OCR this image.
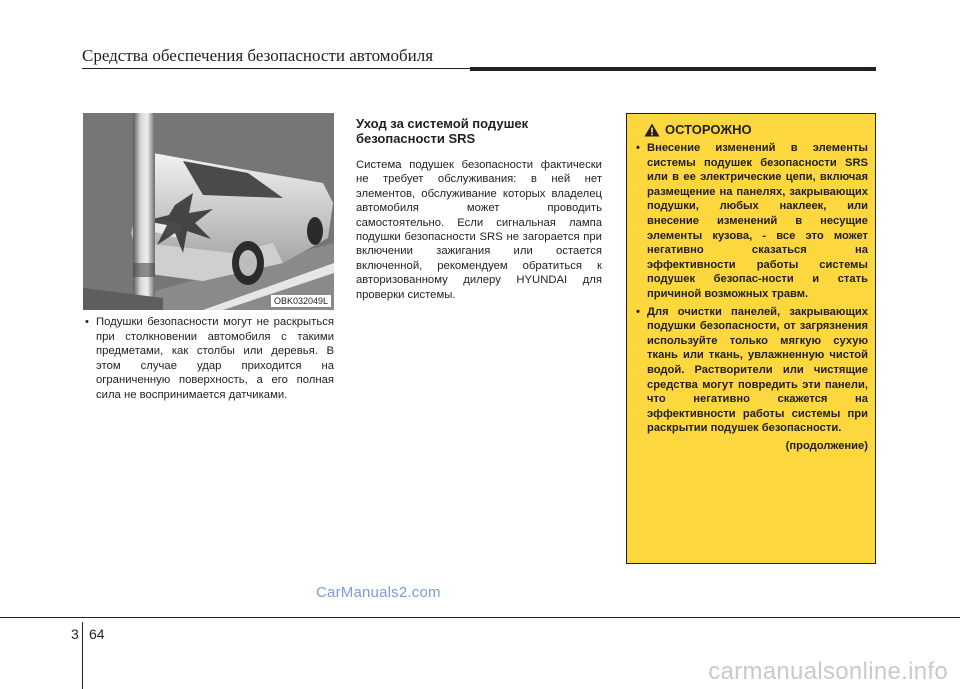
Средства обеспечения безопасности автомобиля
OBK032049L

• Подушки безопасности могут не раскрыться при столкновении автомобиля с такими предметами, как столбы или деревья. В этом случае удар приходится на ограниченную поверхность, а его полная сила не воспринимается датчиками.

Уход за системой подушек безопасности SRS

Система подушек безопасности фактически не требует обслуживания: в ней нет элементов, обслуживание которых владелец автомобиля может проводить самостоятельно. Если сигнальная лампа подушки безопасности SRS не загорается при включении зажигания или остается включенной, рекомендуем обратиться к авторизованному дилеру HYUNDAI для проверки системы.

ОСТОРОЖНО

• Внесение изменений в элементы системы подушек безопасности SRS или в ее электрические цепи, включая размещение на панелях, закрывающих подушки, любых наклеек, или внесение изменений в несущие элементы кузова, - все это может негативно сказаться на эффективности работы системы подушек безопас-ности и стать причиной возможных травм.

• Для очистки панелей, закрывающих подушки безопасности, от загрязнения используйте только мягкую сухую ткань или ткань, увлажненную чистой водой. Растворители или чистящие средства могут повредить эти панели, что негативно скажется на эффективности работы системы при раскрытии подушек безопасности.

(продолжение)
CarManuals2.com
3 64
carmanualsonline.info
